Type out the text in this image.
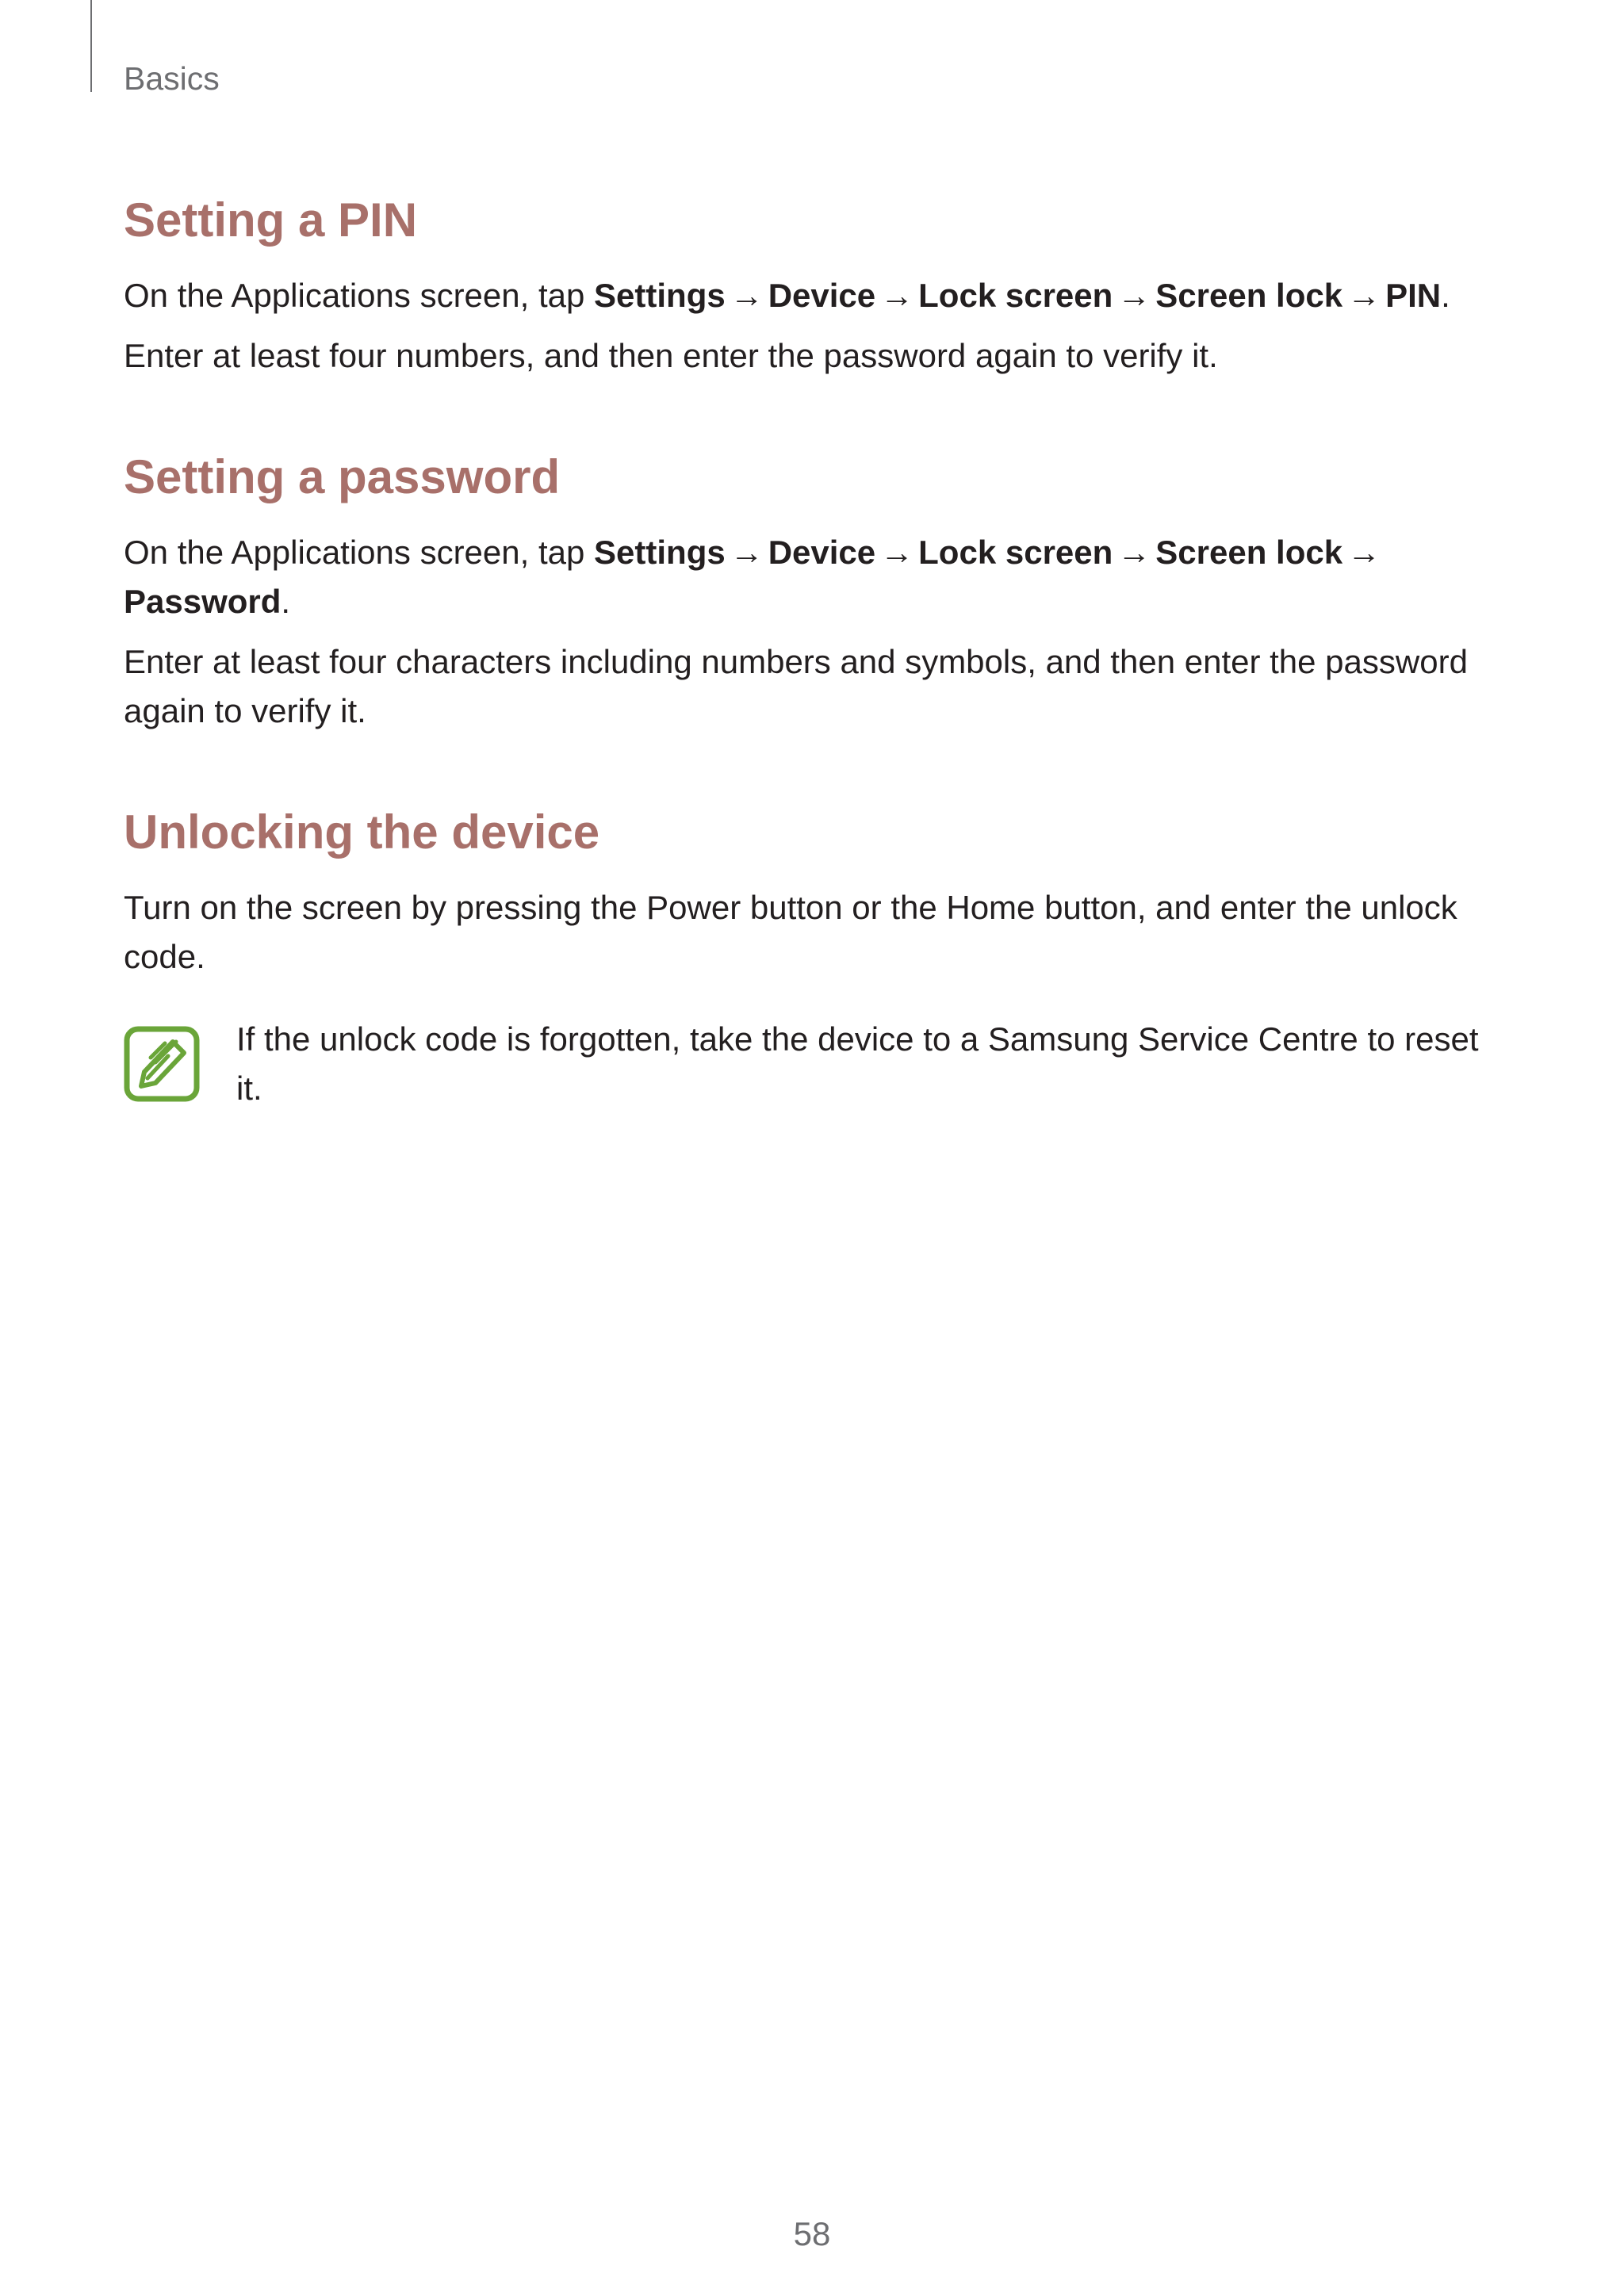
Basics
Setting a PIN

On the Applications screen, tap Settings → Device → Lock screen → Screen lock → PIN.

Enter at least four numbers, and then enter the password again to verify it.

Setting a password

On the Applications screen, tap Settings → Device → Lock screen → Screen lock →
Password.

Enter at least four characters including numbers and symbols, and then enter the password again to verify it.

Unlocking the device

Turn on the screen by pressing the Power button or the Home button, and enter the unlock code.

If the unlock code is forgotten, take the device to a Samsung Service Centre to reset it.
58
